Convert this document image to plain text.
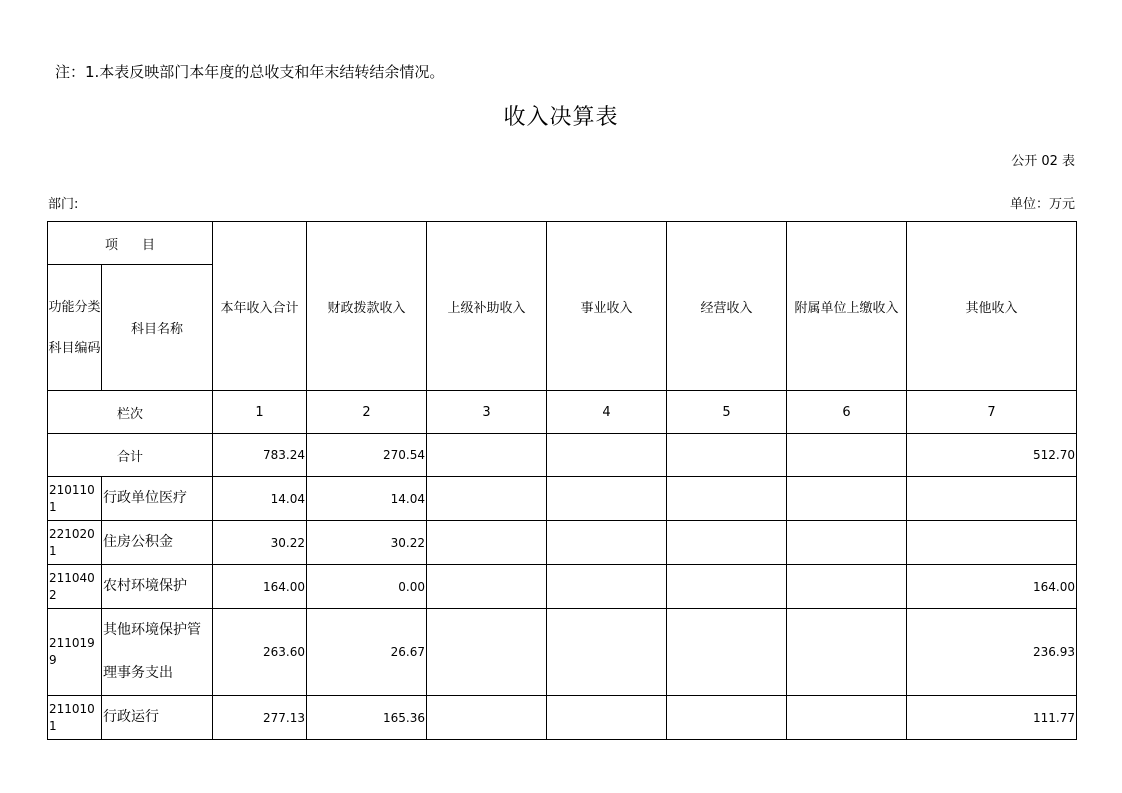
注：1.本表反映部门本年度的总收支和年末结转结余情况。
收入决算表
公开 02 表
部门:	单位：万元
项目		本年收入合计	财政拨款收入	上级补助收入	事业收入	经营收入	附属单位上缴收入	其他收入
功能分类科目编码	科目名称							
栏次		1	2	3	4	5	6	7
合计		783.24	270.54					512.70
2101101	行政单位医疗	14.04	14.04					
2210201	住房公积金	30.22	30.22					
2110402	农村环境保护	164.00	0.00					164.00
2110199	其他环境保护管理事务支出	263.60	26.67					236.93
2110101	行政运行	277.13	165.36					111.77
